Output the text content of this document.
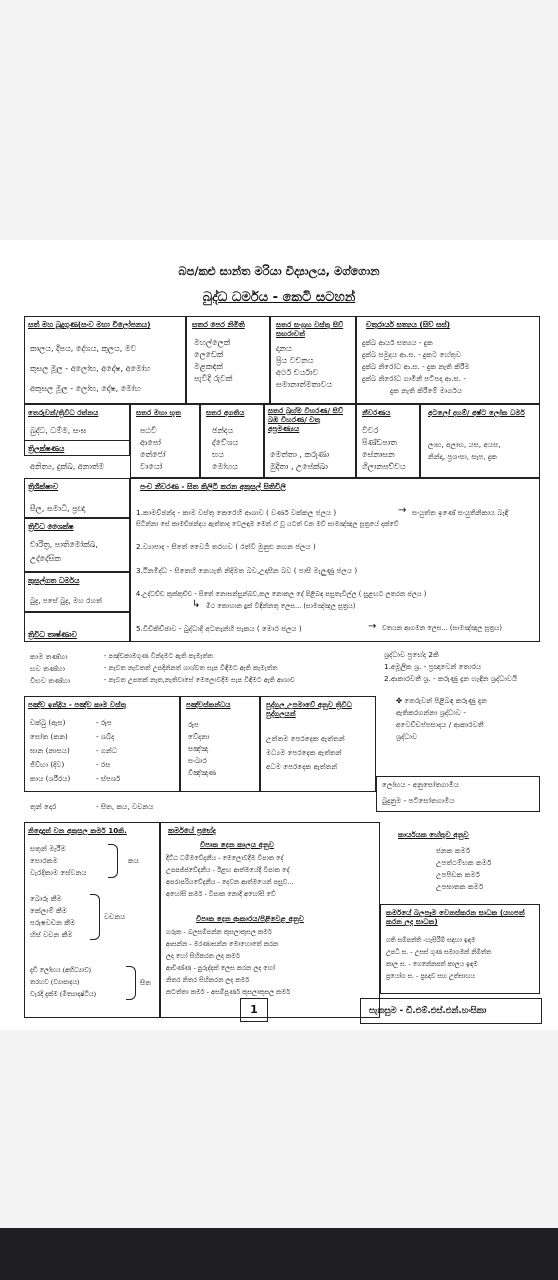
බප/කළු සාන්ත මරියා විද්‍යාලය, මග්ගොන
බුද්ධ ධර්මය - කෙටි සටහන්
සත් මහ බුදුගුණ(සංව මහා විලෝපනය)
කාලය, දීපය, දේශය, කුලය, මව
කුසල මූල - අලෝභ, අදෝෂ, අමෝහ
අකුසල මූල - ලෝභ, දෝෂ, මෝහ
සතර පෙර නිමිති
මහල්ලෙක්
ලෙඩෙක්
මළකඳක්
පැවිදි රුවක්
සතර සංග්‍රහ වස්තු සිව් සඟරාවත්
දානය
ප්‍රිය වචනය
අර්ථ චර්යාව
සමානාත්මතාවය
චතුරාර්ය සත්‍යය (සිව් සස්)
දුක්ඛ ආර්ය සත්‍යය - දුක
දුක්ඛ සමුදය ආ.ස. - දුකට හේතුව
දුක්ඛ නිරෝධ ආ.ස. - දුක නැති කිරීම
දුක්ඛ නිරෝධ ගාමිනී පටිපදා ආ.ස. -
දුක නැති කිරීමේ මාර්ගය
තෙරුවන්/ත්‍රිවිධ රත්නය
බුද්ධ, ධම්ම, සංඝ
ත්‍රිලක්ෂණය
සතර මහා භූත
පඨවි
ආපෝ
තේජෝ
වායෝ
සතර අගතිය
ඡන්දය
ද්වේශය
භය
මෝහය
සතර බ්‍රහ්ම විහරණ/ සිව් බඹ විහරණ/ චතු අප්‍රමණ්‍යය
මෙත්තා , කරුණා
මුදිතා , උපේක්ඛා
නීවරණය
විවර
පිණ්ඩපාත
සේනාසන
ගිලානපච්චය
අටලෝ දහම්/ අෂ්ට ලෝක ධර්ම
ලාභ, අලාභ, යස, අයස,
නින්දා, ප්‍රශංසා, සැප, දුක
අනිත්‍ය, දුක්ඛ, අනාත්ම
ත්‍රිශික්ෂාව
සීල, සමාධි, ප්‍රඥා
ත්‍රිවිධ ශෛක්ෂ
චාරිත්‍ර, පාතිමෝක්ඛ,
උද්දේසික
කුසල්ගත ධර්මය
බුදු, පසේ බුදු, මහ රහත්
පංච නීවරණ - සිත කිලිටි කරන අකුසල් සිතිවිලි
1.කාමච්ඡන්ද - කාම වස්තු කෙරෙහි ආශාව ( වර්ණ වක්කල ජලය )	→ සංයුත්ත ඉණේ සංයුතිනිකාය බැඳී
සිටින්නා සේ කාමච්ඡන්දය ඇත්තාද වෙලඳාම මෙන් ඒ වූ යටත් වන මව් සාමඤ්ඤල සූත්‍රයේ දක්වේ
2.ව්‍යාපාද - සිතේ වෛර්‍ය තරහව ( රත්වී මුනුළු නගන ජලය )
3.ථිනමිද්ධ - සිතෙහි නෙයැති නිදිමත බව,උදාසීන බව ( පාසි මැලුණු ජලය )
4.උද්ධච්ච කුක්කුච්ච - සිතේ නොසන්සුන්බව,කල නොකල දේ පිළිබඳ පසුතැවිල්ල ( සුළඟට ලතරන ජලය )
↳ මිථ කොහාන දුක් විඳින්නතු ලෙස... (සාමඤ්ඤල සූත්‍රය)
5.විචිකිච්ඡාව - බුද්ධාදී අටතැන්හි සැකය ( මොර ජලය )	→ වතයක ආගමන ලෙස... (සාමඤ්ඤල සූත්‍රය)
ත්‍රිවිධ තෘෂ්ණාව
කාම තණ්හා	- පඤ්චකාමගුණ වින්දමට ඇති කැමැත්ත
භව තණ්හා	- නැවත නැවතත් උපදින්නත් ශාශ්වත සැප විඳීමට ඇති කැමැත්ත
විභව තණ්හා	- නැවත උපතක් නැත,නැතිවාසේ මෙලොවදීම සැප විඳීමට ඇති ආශාව
ශ්‍රද්ධාව ප්‍රභේද 2කි
1.අමූලික ශ්‍ර. - ප්‍රඥාවෙන් තොරය
2.ආකාරවතී ශ්‍ර. - කරුණු දැන හැඳින ශ්‍රද්ධාවයි
✤ තෙරුවන් පිළිබඳ කරුණු දැන
ඇතිකරගන්නා ශ්‍රද්ධාව -
අවෙච්චප්පසාදය / ආකාරවතී
ශ්‍රද්ධාව
පඤ්ච ඉන්ද්‍රිය - පඤ්ච කාම වස්තු
චක්ඛු (ඇස)	- රූප
සෝත (කන)	- ශබ්ද
ඝාන (නාසය)	- ගන්ධ
ජිව්හා (දිව)	- රස
කාය (ශරීරය)	- ස්පර්ශ
පඤ්චස්කන්ධය
රූප
වේදනා
සඤ්ඤා
සංඛාර
විඤ්ඤාණ
පුද්ගල උපමාවේ අනුව ත්‍රිවිධ පුද්ගලයන්
උත්තම පෙරදෙක ඇත්තන්
මධ්‍යම පෙරදෙක ඇත්තන්
අධම පෙරදෙක ඇත්තන්
ලෝභය - අනුසෝතගාමීය
බුදුනුම - පටිසෝතගාමීය
තුන් දොර	- සිත, කය, වචනය
නිදොද්‍රත් වන අකුසල කර්ම 10කි.
සතුන් මැරීම
සොරකම
වැරදිකාම සේවනය
කය
බොරු කීම
කේලාම් කීම
පරුෂවචන කීම
හිස් වචන කීම
වචනය
දැඩි ලෝභය (අභිධ්‍යාව)
තරහව (ව්‍යාපාදය)
වැරදි දැක්ම (මිත්‍යාදෘෂ්ටිය)
සිත
කර්මයේ ප්‍රභේද
විපාක දෙන කාලය අනුව
දිට්ඨ ධම්මවේදනීය - මෙලොවදීම විපාක දේ
උපපජ්ජවේදනීය - ඊළඟ ආත්මයේදී විපාක දේ
අපරාපරියවේදනීය - දෙවන ආත්මයෙන් පසුව...
අහෝසි කර්ම - විපාක නොදී අහෝසි වේ
විපාක දෙන ආකාරය/පිළිවෙළ අනුව
ගරුක - බලසම්පන්න කුසලාකුසල කර්ම
ආසන්න - මරණාසන්න මොහොතේ කරන
ලද හෝ සිහිකරන ලද කර්ම
ආචිණ්ණ - පුරුද්දක් ලෙස කරන ලද හෝ
නිතර නිතර සිහිකරන ලද කර්ම
කටත්තා කර්ම - අසම්පූර්ණ කුසලාකුසල කර්ම
කාර්යයක හේතුව අනුව
ජනක කර්ම
උපත්ථම්භක කර්ම
උපපීඩක කර්ම
උපඝාතක කර්ම
කර්මයේ බලපෑම වෙනස්කරන සාධක (යහපත් කරන ලද සාධක)
ගති සම්පත්ති -හැසිරීම් සඳහා ඉඳම
උපධි ස. - උසස් ගුණ සමාගමක් නිමිත්ත
කාල ස. - ගෙනේනපත් කාලය ඉඳම
ප්‍රයෝග ස. - ප්‍රඥාව සහ උත්සාහය
1	සැකසුම - ඩී.එම්.එස්.එන්.හංසිකා
